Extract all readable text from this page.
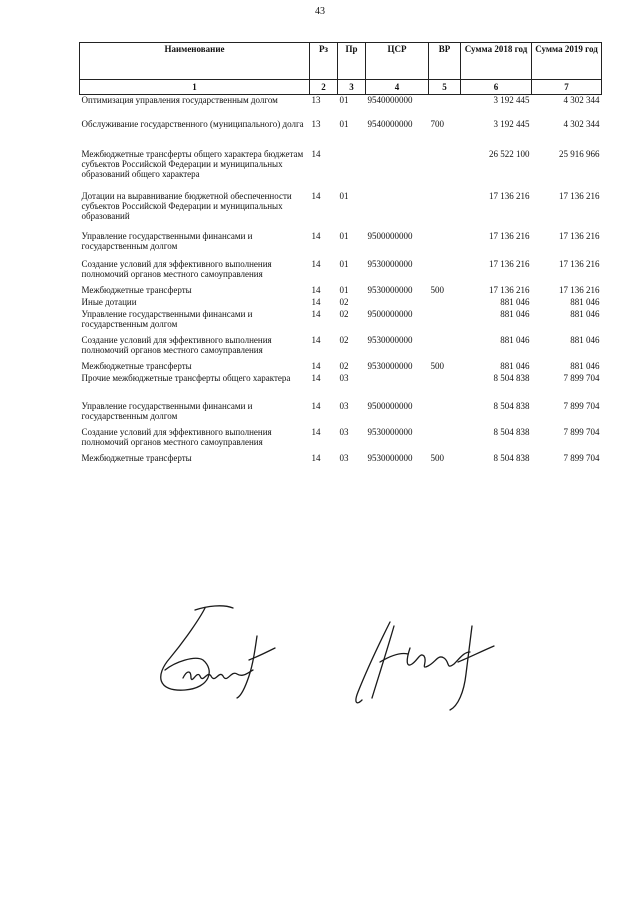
43
Наименование	Рз	Пр	ЦСР	ВР	Сумма 2018 год	Сумма 2019 год
1	2	3	4	5	6	7
Оптимизация управления государственным долгом	13	01	9540000000		3 192 445	4 302 344
Обслуживание государственного (муниципального) долга	13	01	9540000000	700	3 192 445	4 302 344
Межбюджетные трансферты общего характера бюджетам субъектов Российской Федерации и муниципальных образований общего характера	14				26 522 100	25 916 966
Дотации на выравнивание бюджетной обеспеченности субъектов Российской Федерации и муниципальных образований	14	01			17 136 216	17 136 216
Управление государственными финансами и государственным долгом	14	01	9500000000		17 136 216	17 136 216
Создание условий для эффективного выполнения полномочий органов местного самоуправления	14	01	9530000000		17 136 216	17 136 216
Межбюджетные трансферты	14	01	9530000000	500	17 136 216	17 136 216
Иные дотации	14	02			881 046	881 046
Управление государственными финансами и государственным долгом	14	02	9500000000		881 046	881 046
Создание условий для эффективного выполнения полномочий органов местного самоуправления	14	02	9530000000		881 046	881 046
Межбюджетные трансферты	14	02	9530000000	500	881 046	881 046
Прочие межбюджетные трансферты общего характера	14	03			8 504 838	7 899 704
Управление государственными финансами и государственным долгом	14	03	9500000000		8 504 838	7 899 704
Создание условий для эффективного выполнения полномочий органов местного самоуправления	14	03	9530000000		8 504 838	7 899 704
Межбюджетные трансферты	14	03	9530000000	500	8 504 838	7 899 704
